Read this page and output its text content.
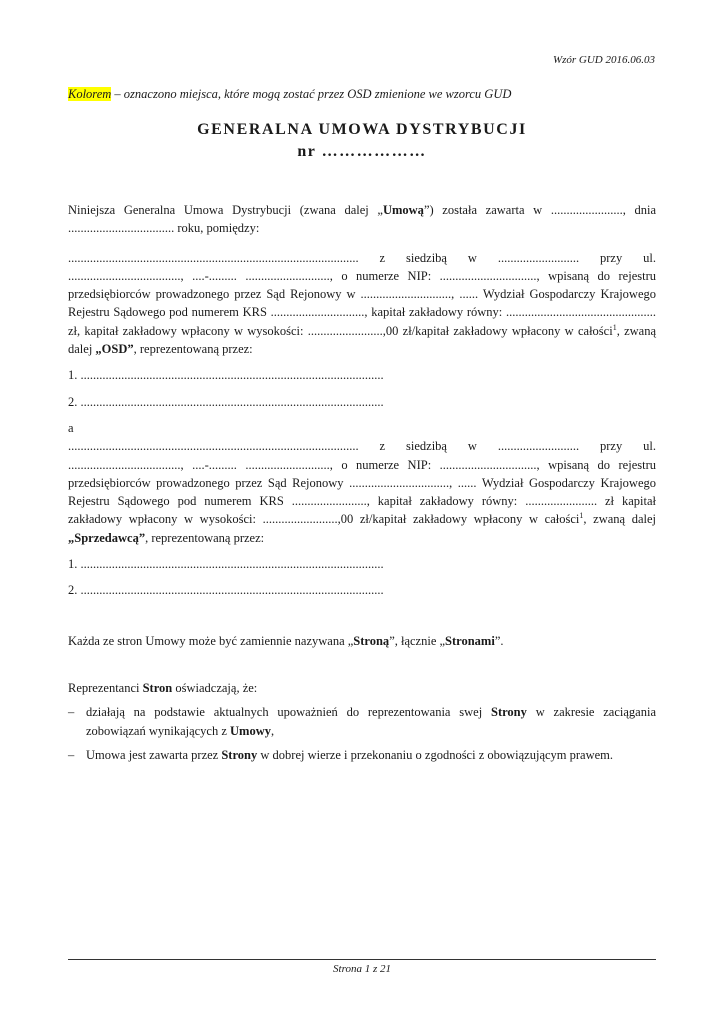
Wzór GUD 2016.06.03
Kolorem – oznaczono miejsca, które mogą zostać przez OSD zmienione we wzorcu GUD
GENERALNA UMOWA DYSTRYBUCJI
nr ………………

Niniejsza Generalna Umowa Dystrybucji (zwana dalej „Umową”) została zawarta w ......................., dnia .................................. roku, pomiędzy:

............................................................................................. z siedzibą w .......................... przy ul. ...................................., ....-......... ..........................., o numerze NIP: ..............................., wpisaną do rejestru przedsiębiorców prowadzonego przez Sąd Rejonowy w ............................., ...... Wydział Gospodarczy Krajowego Rejestru Sądowego pod numerem KRS .............................., kapitał zakładowy równy: ................................................ zł, kapitał zakładowy wpłacony w wysokości: ........................,00 zł/kapitał zakładowy wpłacony w całości$^1$, zwaną dalej „OSD”, reprezentowaną przez:

1. .................................................................................................

2. .................................................................................................

a

............................................................................................. z siedzibą w .......................... przy ul. ...................................., ....-......... ..........................., o numerze NIP: ..............................., wpisaną do rejestru przedsiębiorców prowadzonego przez Sąd Rejonowy ................................, ...... Wydział Gospodarczy Krajowego Rejestru Sądowego pod numerem KRS ........................, kapitał zakładowy równy: ....................... zł kapitał zakładowy wpłacony w wysokości: ........................,00 zł/kapitał zakładowy wpłacony w całości$^1$, zwaną dalej „Sprzedawcą”, reprezentowaną przez:

1. .................................................................................................

2. .................................................................................................

Każda ze stron Umowy może być zamiennie nazywana „Stroną”, łącznie „Stronami”.

Reprezentanci Stron oświadczają, że:

– działają na podstawie aktualnych upoważnień do reprezentowania swej Strony w zakresie zaciągania zobowiązań wynikających z Umowy,
– Umowa jest zawarta przez Strony w dobrej wierze i przekonaniu o zgodności z obowiązującym prawem.
Strona 1 z 21
